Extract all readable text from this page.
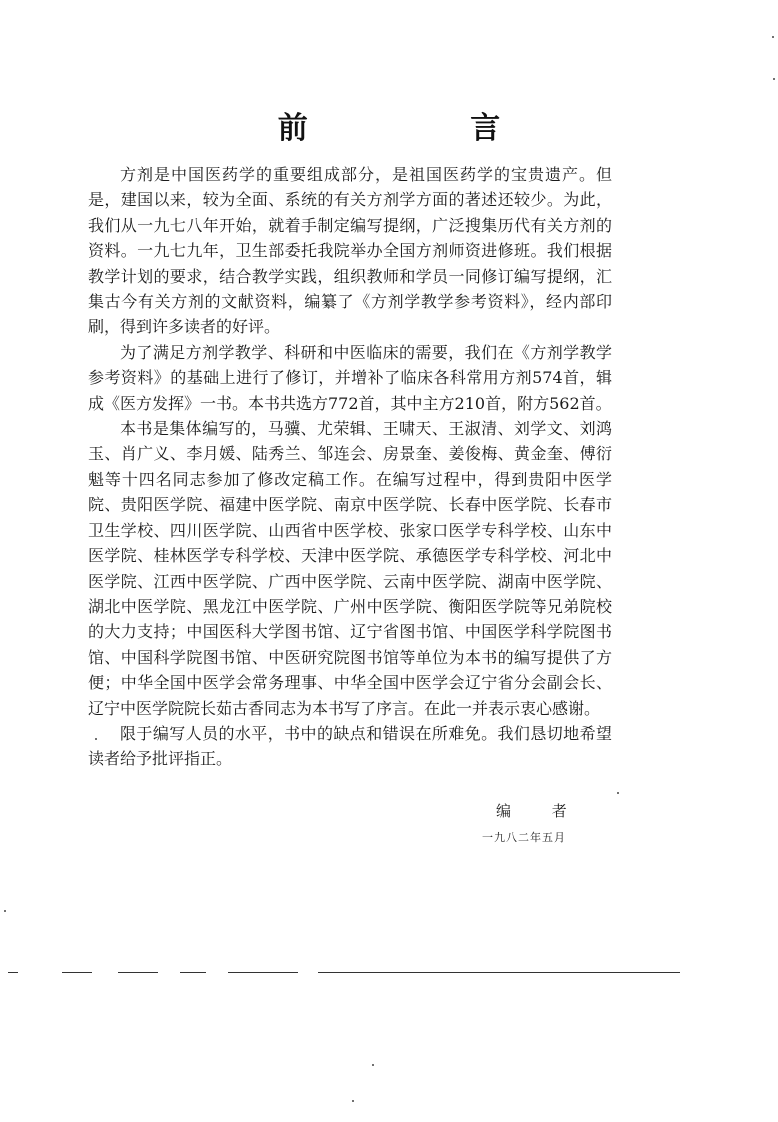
前 言

方剂是中国医药学的重要组成部分，是祖国医药学的宝贵遗产。但是，建国以来，较为全面、系统的有关方剂学方面的著述还较少。为此，我们从一九七八年开始，就着手制定编写提纲，广泛搜集历代有关方剂的资料。一九七九年，卫生部委托我院举办全国方剂师资进修班。我们根据教学计划的要求，结合教学实践，组织教师和学员一同修订编写提纲，汇集古今有关方剂的文献资料，编纂了《方剂学教学参考资料》，经内部印刷，得到许多读者的好评。

为了满足方剂学教学、科研和中医临床的需要，我们在《方剂学教学参考资料》的基础上进行了修订，并增补了临床各科常用方剂574首，辑成《医方发挥》一书。本书共选方772首，其中主方210首，附方562首。

本书是集体编写的，马骥、尤荣辑、王啸天、王淑清、刘学文、刘鸿玉、肖广义、李月媛、陆秀兰、邹连会、房景奎、姜俊梅、黄金奎、傅衍魁等十四名同志参加了修改定稿工作。在编写过程中，得到贵阳中医学院、贵阳医学院、福建中医学院、南京中医学院、长春中医学院、长春市卫生学校、四川医学院、山西省中医学校、张家口医学专科学校、山东中医学院、桂林医学专科学校、天津中医学院、承德医学专科学校、河北中医学院、江西中医学院、广西中医学院、云南中医学院、湖南中医学院、湖北中医学院、黑龙江中医学院、广州中医学院、衡阳医学院等兄弟院校的大力支持；中国医科大学图书馆、辽宁省图书馆、中国医学科学院图书馆、中国科学院图书馆、中医研究院图书馆等单位为本书的编写提供了方便；中华全国中医学会常务理事、中华全国中医学会辽宁省分会副会长、辽宁中医学院院长茹古香同志为本书写了序言。在此一并表示衷心感谢。

限于编写人员的水平，书中的缺点和错误在所难免。我们恳切地希望读者给予批评指正。

编 者
一九八二年五月
